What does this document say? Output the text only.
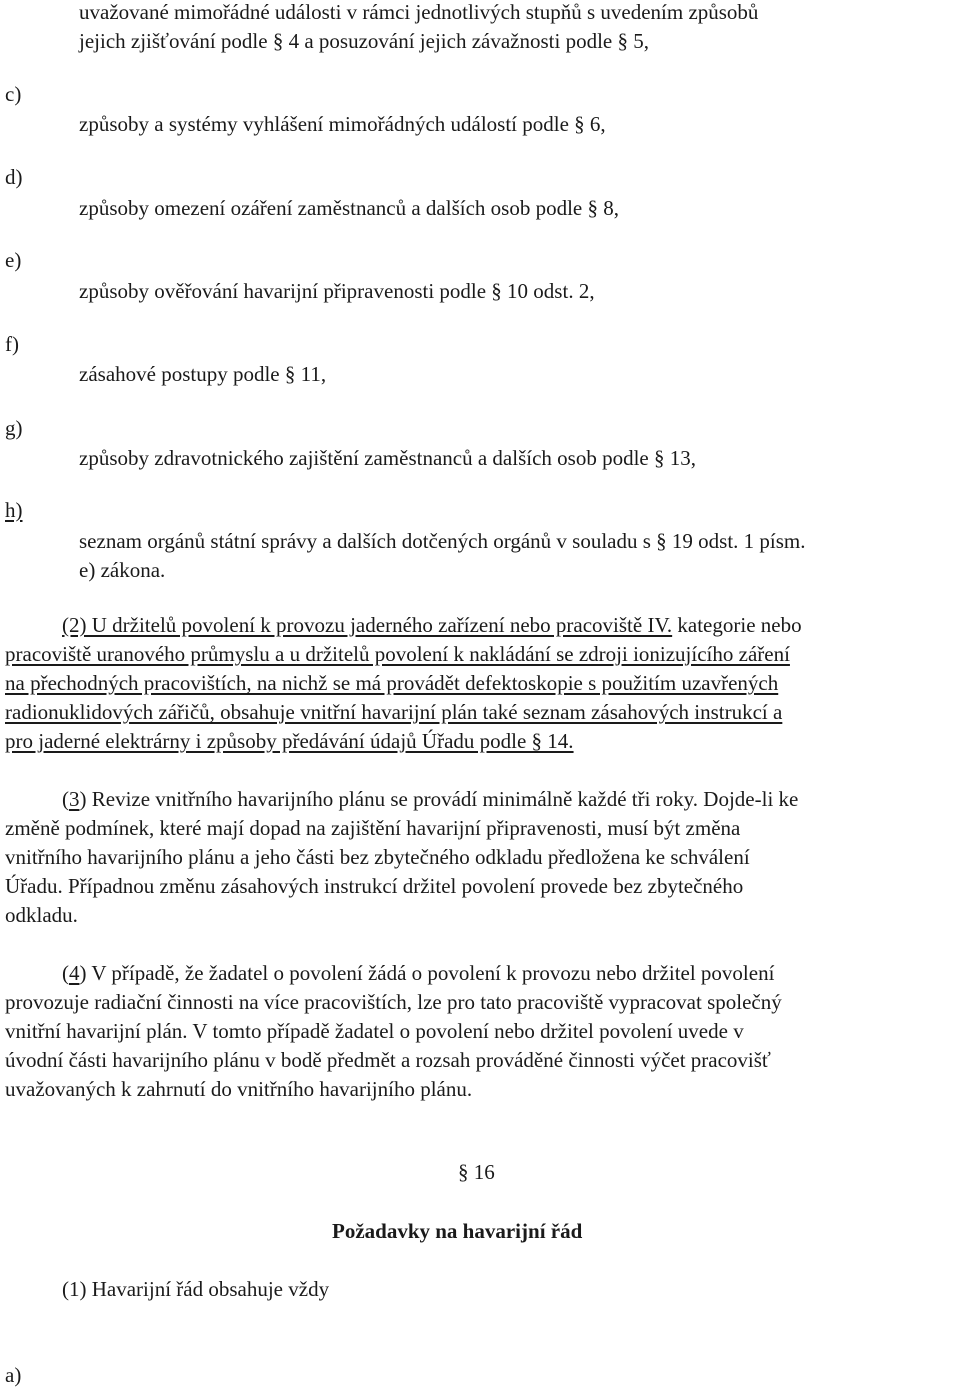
uvažované mimořádné události v rámci jednotlivých stupňů s uvedením způsobů
jejich zjišťování podle § 4 a posuzování jejich závažnosti podle § 5,
c)
způsoby a systémy vyhlášení mimořádných událostí podle § 6,
d)
způsoby omezení ozáření zaměstnanců a dalších osob podle § 8,
e)
způsoby ověřování havarijní připravenosti podle § 10 odst. 2,
f)
zásahové postupy podle § 11,
g)
způsoby zdravotnického zajištění zaměstnanců a dalších osob podle § 13,
h)
seznam orgánů státní správy a dalších dotčených orgánů v souladu s § 19 odst. 1 písm.
e) zákona.
(2) U držitelů povolení k provozu jaderného zařízení nebo pracoviště IV. kategorie nebo
pracoviště uranového průmyslu a u držitelů povolení k nakládání se zdroji ionizujícího záření
na přechodných pracovištích, na nichž se má provádět defektoskopie s použitím uzavřených
radionuklidových zářičů, obsahuje vnitřní havarijní plán také seznam zásahových instrukcí a
pro jaderné elektrárny i způsoby předávání údajů Úřadu podle § 14.
(3) Revize vnitřního havarijního plánu se provádí minimálně každé tři roky. Dojde-li ke
změně podmínek, které mají dopad na zajištění havarijní připravenosti, musí být změna
vnitřního havarijního plánu a jeho části bez zbytečného odkladu předložena ke schválení
Úřadu. Případnou změnu zásahových instrukcí držitel povolení provede bez zbytečného
odkladu.
(4) V případě, že žadatel o povolení žádá o povolení k provozu nebo držitel povolení
provozuje radiační činnosti na více pracovištích, lze pro tato pracoviště vypracovat společný
vnitřní havarijní plán. V tomto případě žadatel o povolení nebo držitel povolení uvede v
úvodní části havarijního plánu v bodě předmět a rozsah prováděné činnosti výčet pracovišť
uvažovaných k zahrnutí do vnitřního havarijního plánu.
§ 16
Požadavky na havarijní řád
(1) Havarijní řád obsahuje vždy
a)
